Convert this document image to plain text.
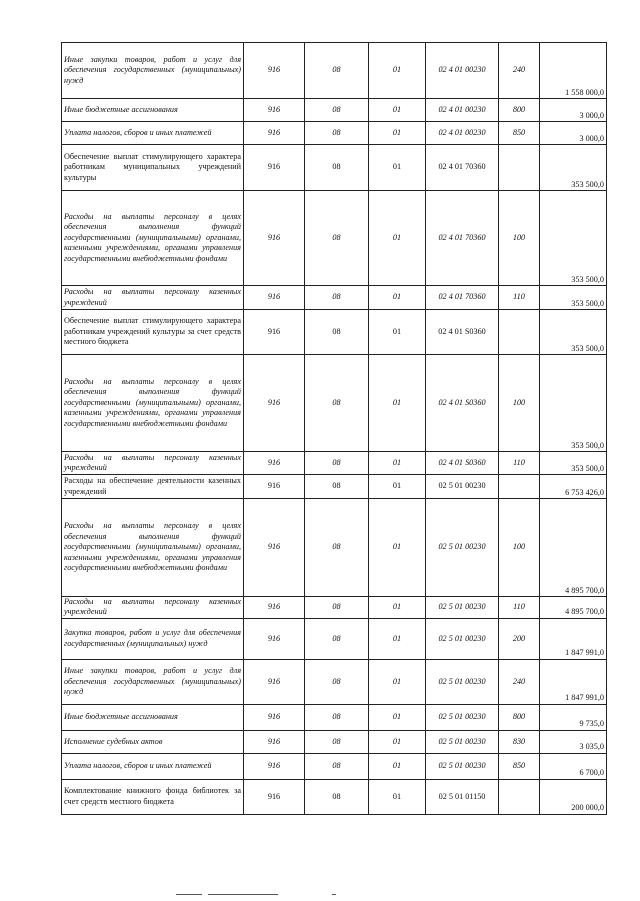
Иные закупки товаров, работ и услуг для обеспечения государственных (муниципальных) нужд	916	08	01	02 4 01 00230	240	1 558 000,0
Иные бюджетные ассигнования	916	08	01	02 4 01 00230	800	3 000,0
Уплата налогов, сборов и иных платежей	916	08	01	02 4 01 00230	850	3 000,0
Обеспечение выплат стимулирующего характера работникам муниципальных учреждений культуры	916	08	01	02 4 01 70360		353 500,0
Расходы на выплаты персоналу в целях обеспечения выполнения функций государственными (муниципальными) органами, казенными учреждениями, органами управления государственными внебюджетными фондами	916	08	01	02 4 01 70360	100	353 500,0
Расходы на выплаты персоналу казенных учреждений	916	08	01	02 4 01 70360	110	353 500,0
Обеспечение выплат стимулирующего характера работникам учреждений культуры за счет средств местного бюджета	916	08	01	02 4 01 S0360		353 500,0
Расходы на выплаты персоналу в целях обеспечения выполнения функций государственными (муниципальными) органами, казенными учреждениями, органами управления государственными внебюджетными фондами	916	08	01	02 4 01 S0360	100	353 500,0
Расходы на выплаты персоналу казенных учреждений	916	08	01	02 4 01 S0360	110	353 500,0
Расходы на обеспечение деятельности казенных учреждений	916	08	01	02 5 01 00230		6 753 426,0
Расходы на выплаты персоналу в целях обеспечения выполнения функций государственными (муниципальными) органами, казенными учреждениями, органами управления государственными внебюджетными фондами	916	08	01	02 5 01 00230	100	4 895 700,0
Расходы на выплаты персоналу казенных учреждений	916	08	01	02 5 01 00230	110	4 895 700,0
Закупка товаров, работ и услуг для обеспечения государственных (муниципальных) нужд	916	08	01	02 5 01 00230	200	1 847 991,0
Иные закупки товаров, работ и услуг для обеспечения государственных (муниципальных) нужд	916	08	01	02 5 01 00230	240	1 847 991,0
Иные бюджетные ассигнования	916	08	01	02 5 01 00230	800	9 735,0
Исполнение судебных актов	916	08	01	02 5 01 00230	830	3 035,0
Уплата налогов, сборов и иных платежей	916	08	01	02 5 01 00230	850	6 700,0
Комплектование книжного фонда библиотек за счет средств местного бюджета	916	08	01	02 5 01 01150		200 000,0
